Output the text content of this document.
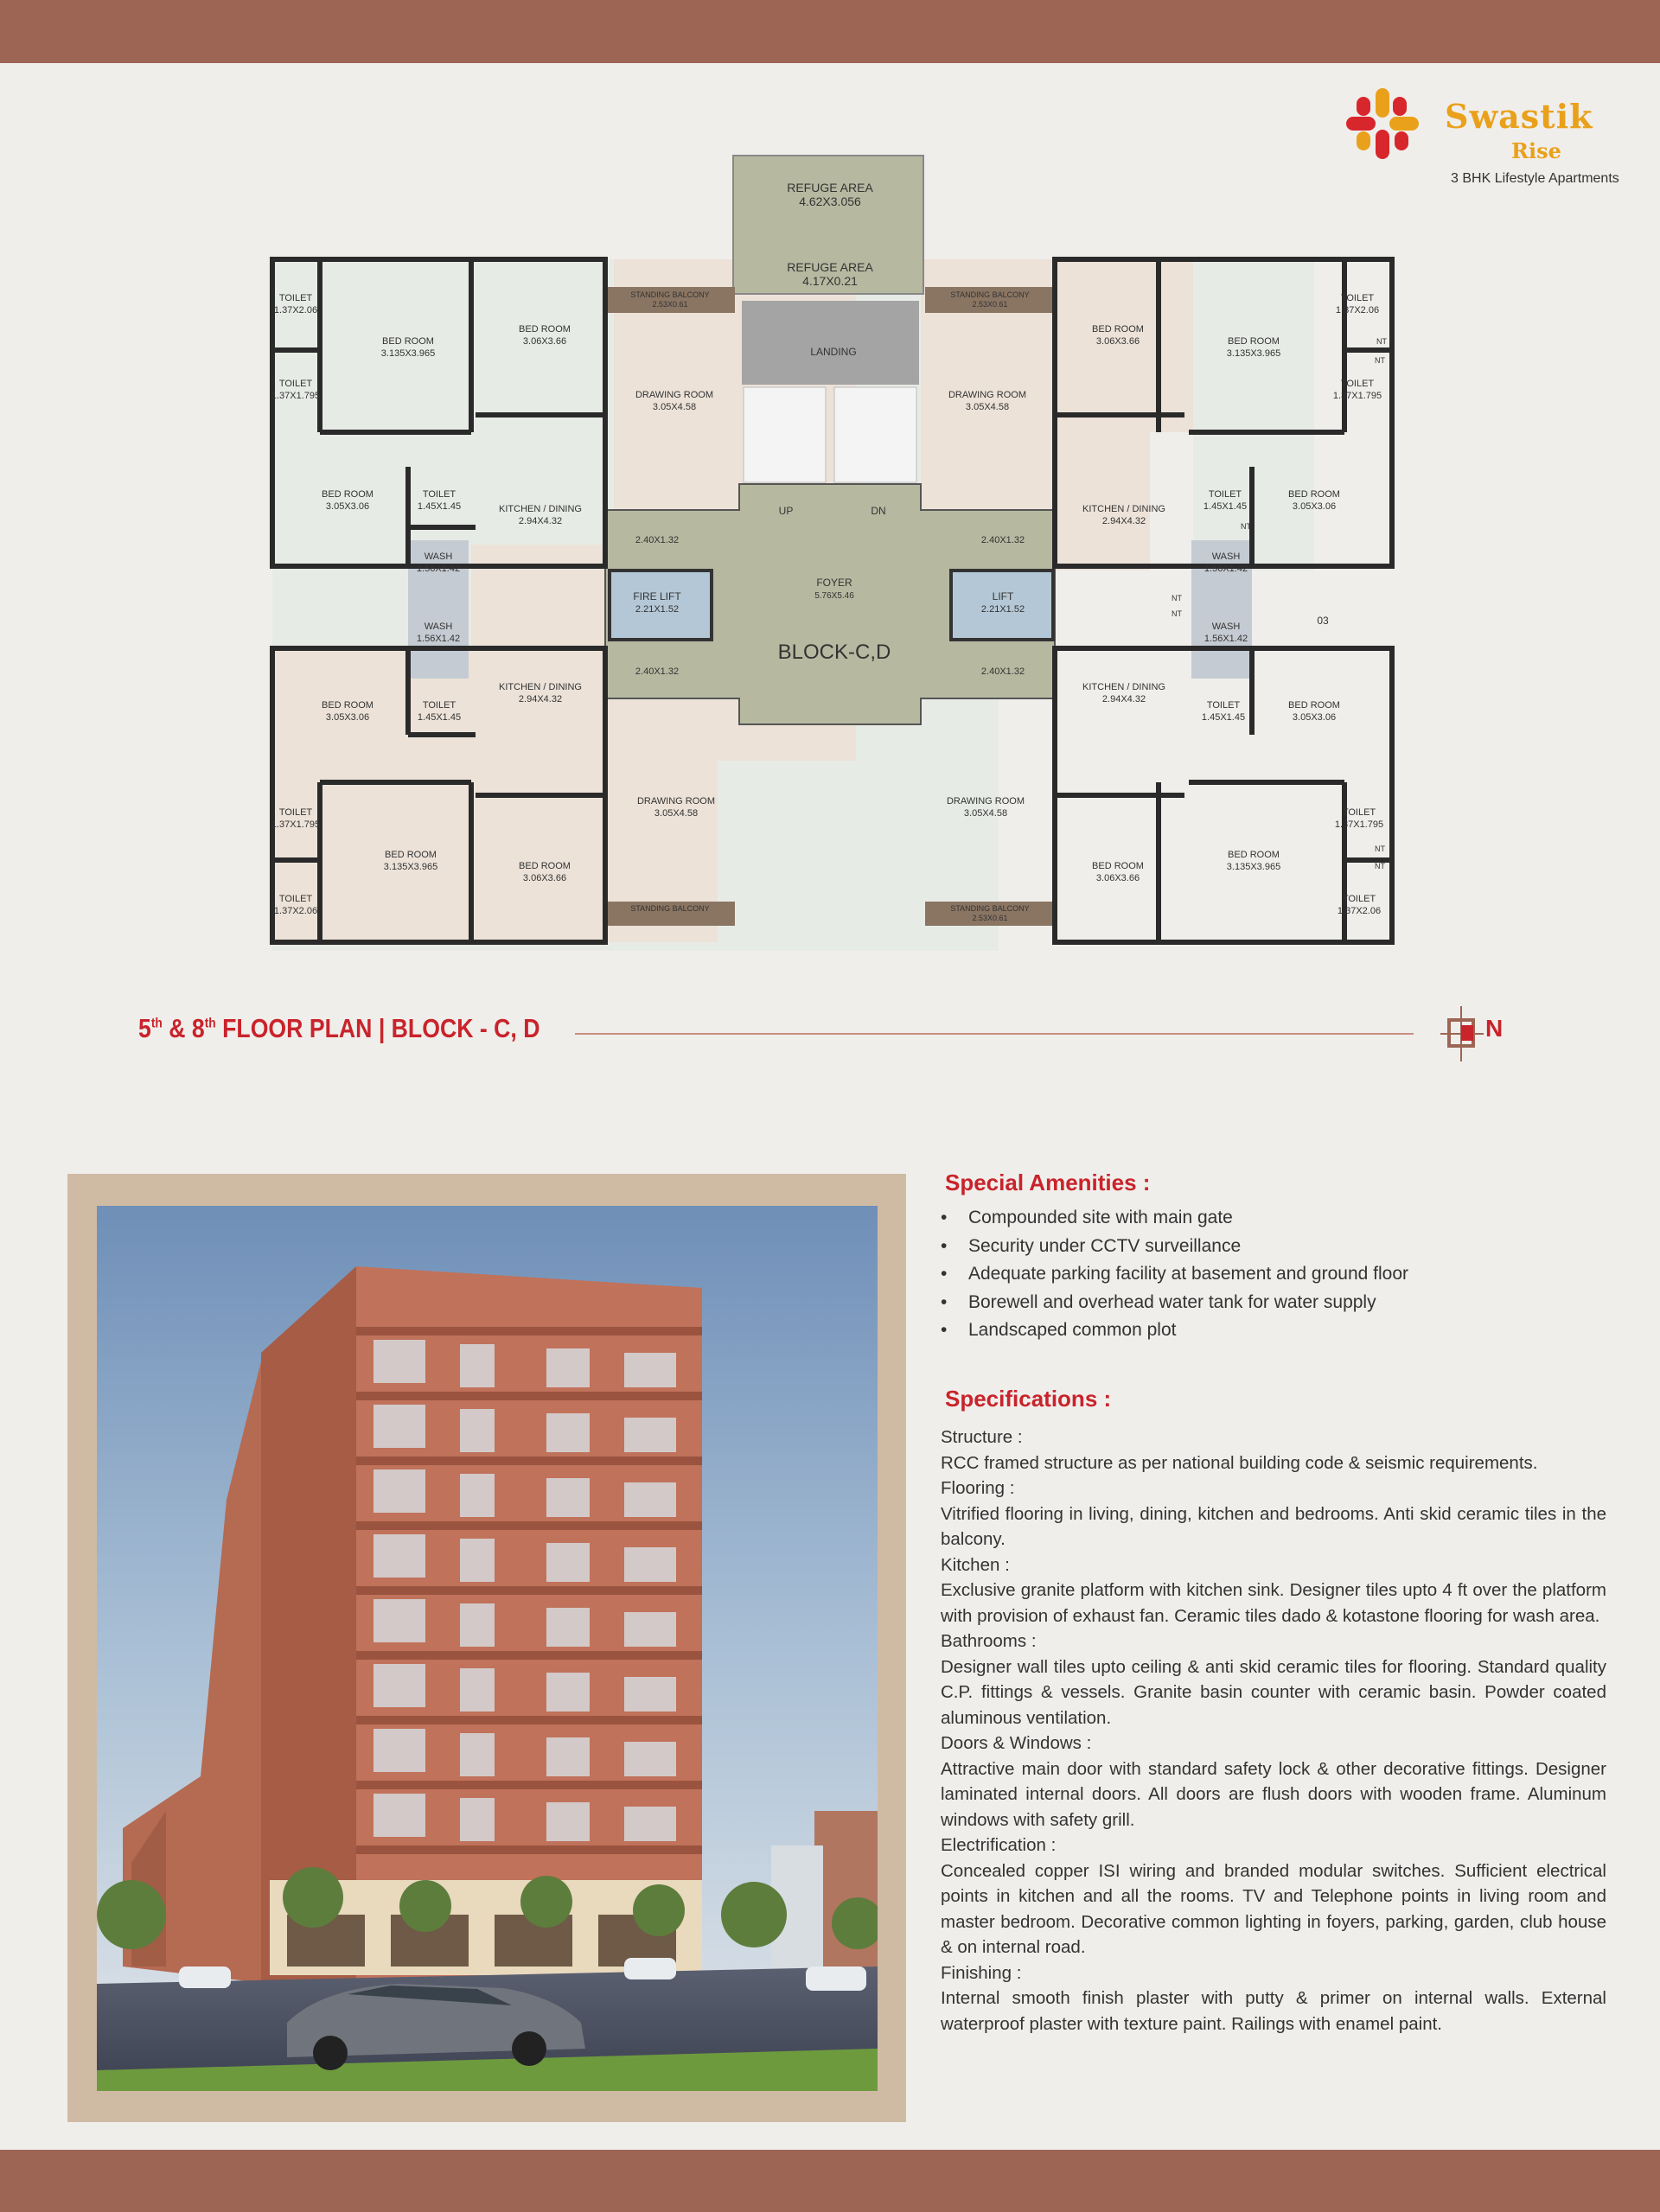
Swastik
Rise
3 BHK Lifestyle Apartments
REFUGE AREA
4.62X3.056
REFUGE AREA
4.17X0.21
LANDING
UP	DN
FOYER
5.76X5.46
BLOCK-C,D
FIRE LIFT
2.21X1.52
LIFT
2.21X1.52
2.40X1.32	2.40X1.32
2.40X1.32	2.40X1.32
03
STANDING BALCONY
2.53X0.61
STANDING BALCONY
2.53X0.61
STANDING BALCONY	STANDING BALCONY
2.53X0.61
TOILET
1.37X2.06
TOILET
1.37X1.795
BED ROOM
3.135X3.965
BED ROOM
3.06X3.66
DRAWING ROOM
3.05X4.58
BED ROOM
3.05X3.06
TOILET
1.45X1.45	KITCHEN / DINING
2.94X4.32
WASH
1.56X1.42
WASH
1.56X1.42
BED ROOM
3.05X3.06
TOILET
1.45X1.45
KITCHEN / DINING
2.94X4.32
DRAWING ROOM
3.05X4.58
TOILET
1.37X1.795
BED ROOM
3.135X3.965	BED ROOM
3.06X3.66
TOILET
1.37X2.06
BED ROOM
3.06X3.66	BED ROOM
3.135X3.965
TOILET
1.37X2.06
TOILET
1.37X1.795
DRAWING ROOM
3.05X4.58
KITCHEN / DINING
2.94X4.32
TOILET
1.45X1.45
BED ROOM
3.05X3.06
WASH
1.56X1.42
WASH
1.56X1.42
KITCHEN / DINING
2.94X4.32
TOILET
1.45X1.45
BED ROOM
3.05X3.06
DRAWING ROOM
3.05X4.58
BED ROOM
3.06X3.66
BED ROOM
3.135X3.965
TOILET
1.37X1.795
TOILET
1.37X2.06
NT
NT
NT
NT
NT
NT
NT
5th & 8th FLOOR PLAN | BLOCK - C, D	N
Special Amenities :
• Compounded site with main gate
• Security under CCTV surveillance
• Adequate parking facility at basement and ground floor
• Borewell and overhead water tank for water supply
• Landscaped common plot
Specifications :
Structure :
RCC framed structure as per national building code & seismic requirements.
Flooring :
Vitrified flooring in living, dining, kitchen and bedrooms. Anti skid ceramic tiles in the balcony.
Kitchen :
Exclusive granite platform with kitchen sink. Designer tiles upto 4 ft over the platform with provision of exhaust fan. Ceramic tiles dado & kotastone flooring for wash area.
Bathrooms :
Designer wall tiles upto ceiling & anti skid ceramic tiles for flooring. Standard quality C.P. fittings & vessels. Granite basin counter with ceramic basin. Powder coated aluminous ventilation.
Doors & Windows :
Attractive main door with standard safety lock & other decorative fittings. Designer laminated internal doors. All doors are flush doors with wooden frame. Aluminum windows with safety grill.
Electrification :
Concealed copper ISI wiring and branded modular switches. Sufficient electrical points in kitchen and all the rooms. TV and Telephone points in living room and master bedroom. Decorative common lighting in foyers, parking, garden, club house & on internal road.
Finishing :
Internal smooth finish plaster with putty & primer on internal walls. External waterproof plaster with texture paint. Railings with enamel paint.
